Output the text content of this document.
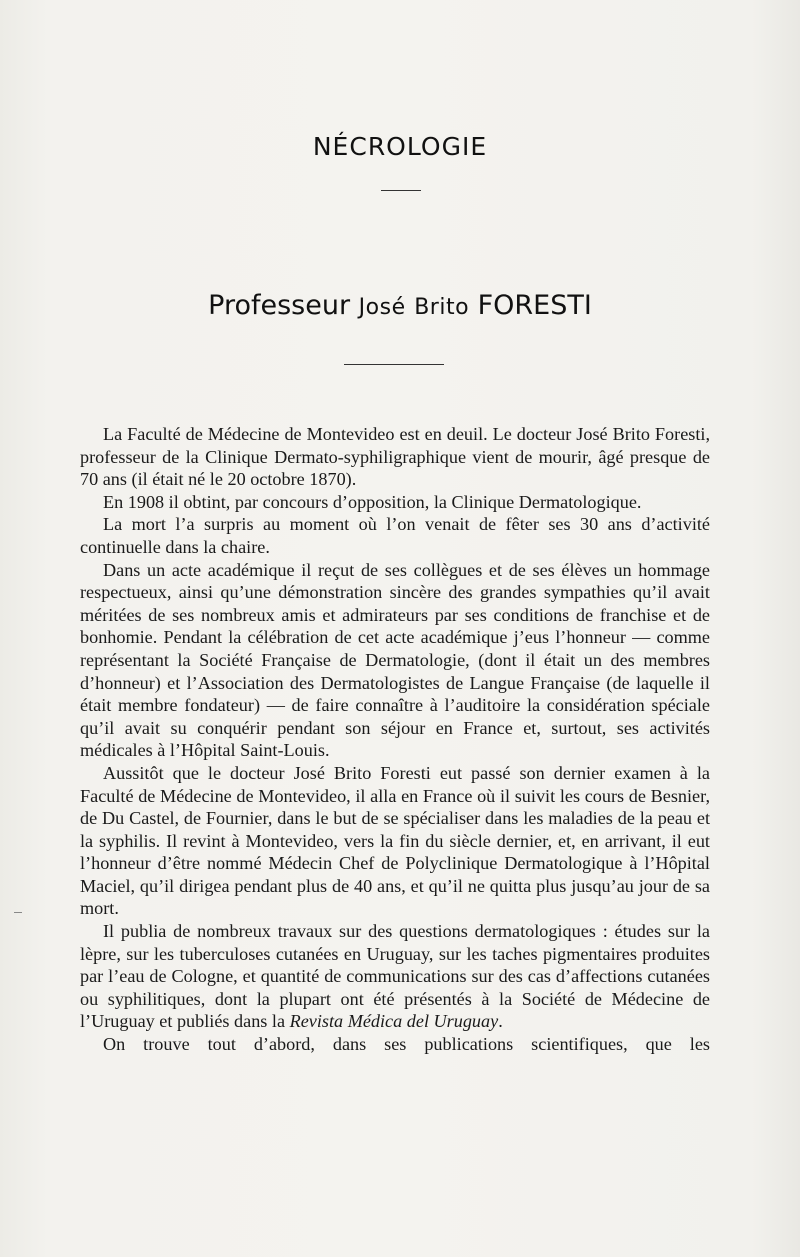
NÉCROLOGIE
Professeur José Brito FORESTI

La Faculté de Médecine de Montevideo est en deuil. Le docteur José Brito Foresti, professeur de la Clinique Dermato-syphiligraphique vient de mourir, âgé presque de 70 ans (il était né le 20 octobre 1870).

En 1908 il obtint, par concours d’opposition, la Clinique Dermatologique.

La mort l’a surpris au moment où l’on venait de fêter ses 30 ans d’activité continuelle dans la chaire.

Dans un acte académique il reçut de ses collègues et de ses élèves un hommage respectueux, ainsi qu’une démonstration sincère des grandes sympathies qu’il avait méritées de ses nombreux amis et admirateurs par ses conditions de franchise et de bonhomie. Pendant la célébration de cet acte académique j’eus l’honneur — comme représentant la Société Française de Dermatologie, (dont il était un des membres d’honneur) et l’Association des Dermatologistes de Langue Française (de laquelle il était membre fondateur) — de faire connaître à l’auditoire la considération spéciale qu’il avait su conquérir pendant son séjour en France et, surtout, ses activités médicales à l’Hôpital Saint-Louis.

Aussitôt que le docteur José Brito Foresti eut passé son dernier examen à la Faculté de Médecine de Montevideo, il alla en France où il suivit les cours de Besnier, de Du Castel, de Fournier, dans le but de se spécialiser dans les maladies de la peau et la syphilis. Il revint à Montevideo, vers la fin du siècle dernier, et, en arrivant, il eut l’honneur d’être nommé Médecin Chef de Polyclinique Dermatologique à l’Hôpital Maciel, qu’il dirigea pendant plus de 40 ans, et qu’il ne quitta plus jusqu’au jour de sa mort.

Il publia de nombreux travaux sur des questions dermatologiques : études sur la lèpre, sur les tuberculoses cutanées en Uruguay, sur les taches pigmentaires produites par l’eau de Cologne, et quantité de communications sur des cas d’affections cutanées ou syphilitiques, dont la plupart ont été présentés à la Société de Médecine de l’Uruguay et publiés dans la Revista Médica del Uruguay.

On trouve tout d’abord, dans ses publications scientifiques, que les
